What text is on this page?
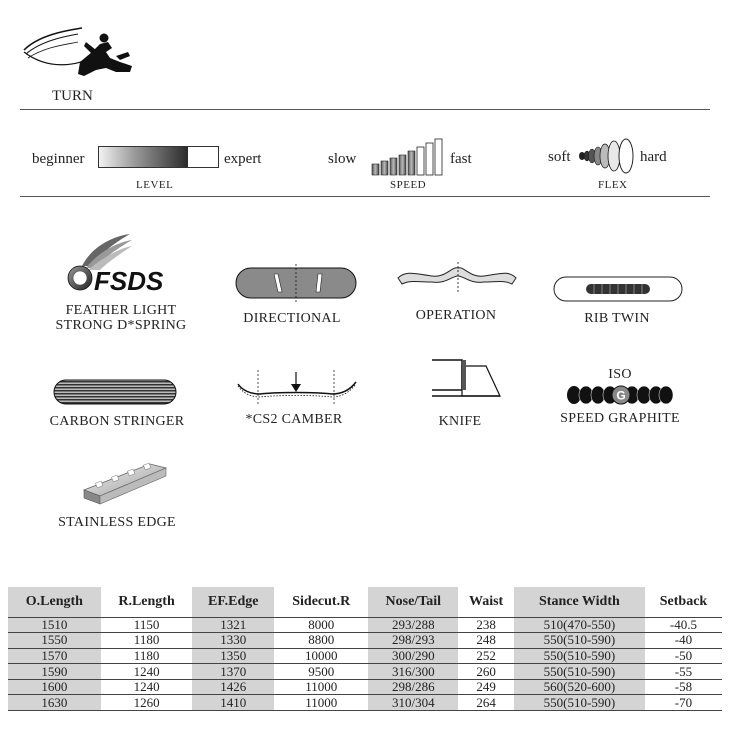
TURN
beginner	expert
LEVEL
slow	fast
SPEED
soft	hard
FLEX
FSDS
FEATHER LIGHT
STRONG D*SPRING	DIRECTIONAL	OPERATION	RIB TWIN
CARBON STRINGER	*CS2 CAMBER	KNIFE
ISO
G
SPEED GRAPHITE
STAINLESS EDGE
O.Length	R.Length	EF.Edge	Sidecut.R	Nose/Tail	Waist	Stance Width	Setback
1510	1150	1321	8000	293/288	238	510(470-550)	-40.5
1550	1180	1330	8800	298/293	248	550(510-590)	-40
1570	1180	1350	10000	300/290	252	550(510-590)	-50
1590	1240	1370	9500	316/300	260	550(510-590)	-55
1600	1240	1426	11000	298/286	249	560(520-600)	-58
1630	1260	1410	11000	310/304	264	550(510-590)	-70
